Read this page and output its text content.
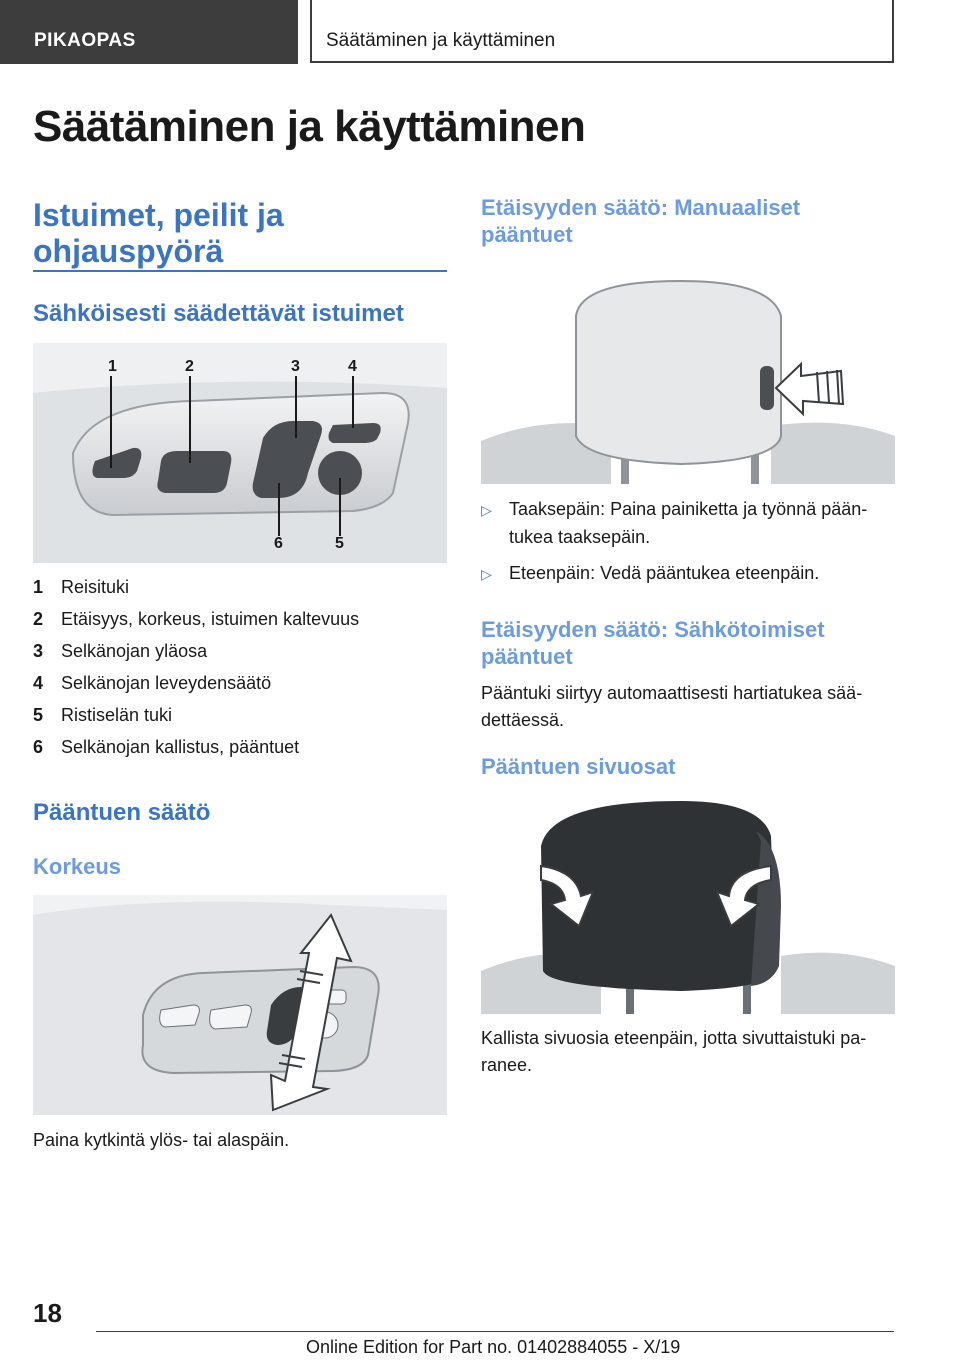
PIKAOPAS	Säätäminen ja käyttäminen
Säätäminen ja käyttäminen
Istuimet, peilit ja
ohjauspyörä
Sähköisesti säädettävät istuimet
1	2	3	4
5
6
1 Reisituki
2 Etäisyys, korkeus, istuimen kaltevuus
3 Selkänojan yläosa
4 Selkänojan leveydensäätö
5 Ristiselän tuki
6 Selkänojan kallistus, pääntuet
Pääntuen säätö
Korkeus
Paina kytkintä ylös- tai alaspäin.
Etäisyyden säätö: Manuaaliset
pääntuet
▷ Taaksepäin: Paina painiketta ja työnnä pään-
tukea taaksepäin.
▷ Eteenpäin: Vedä pääntukea eteenpäin.
Etäisyyden säätö: Sähkötoimiset
pääntuet
Pääntuki siirtyy automaattisesti hartiatukea sää-
dettäessä.
Pääntuen sivuosat
Kallista sivuosia eteenpäin, jotta sivuttaistuki pa-
ranee.
18
Online Edition for Part no. 01402884055 - X/19
